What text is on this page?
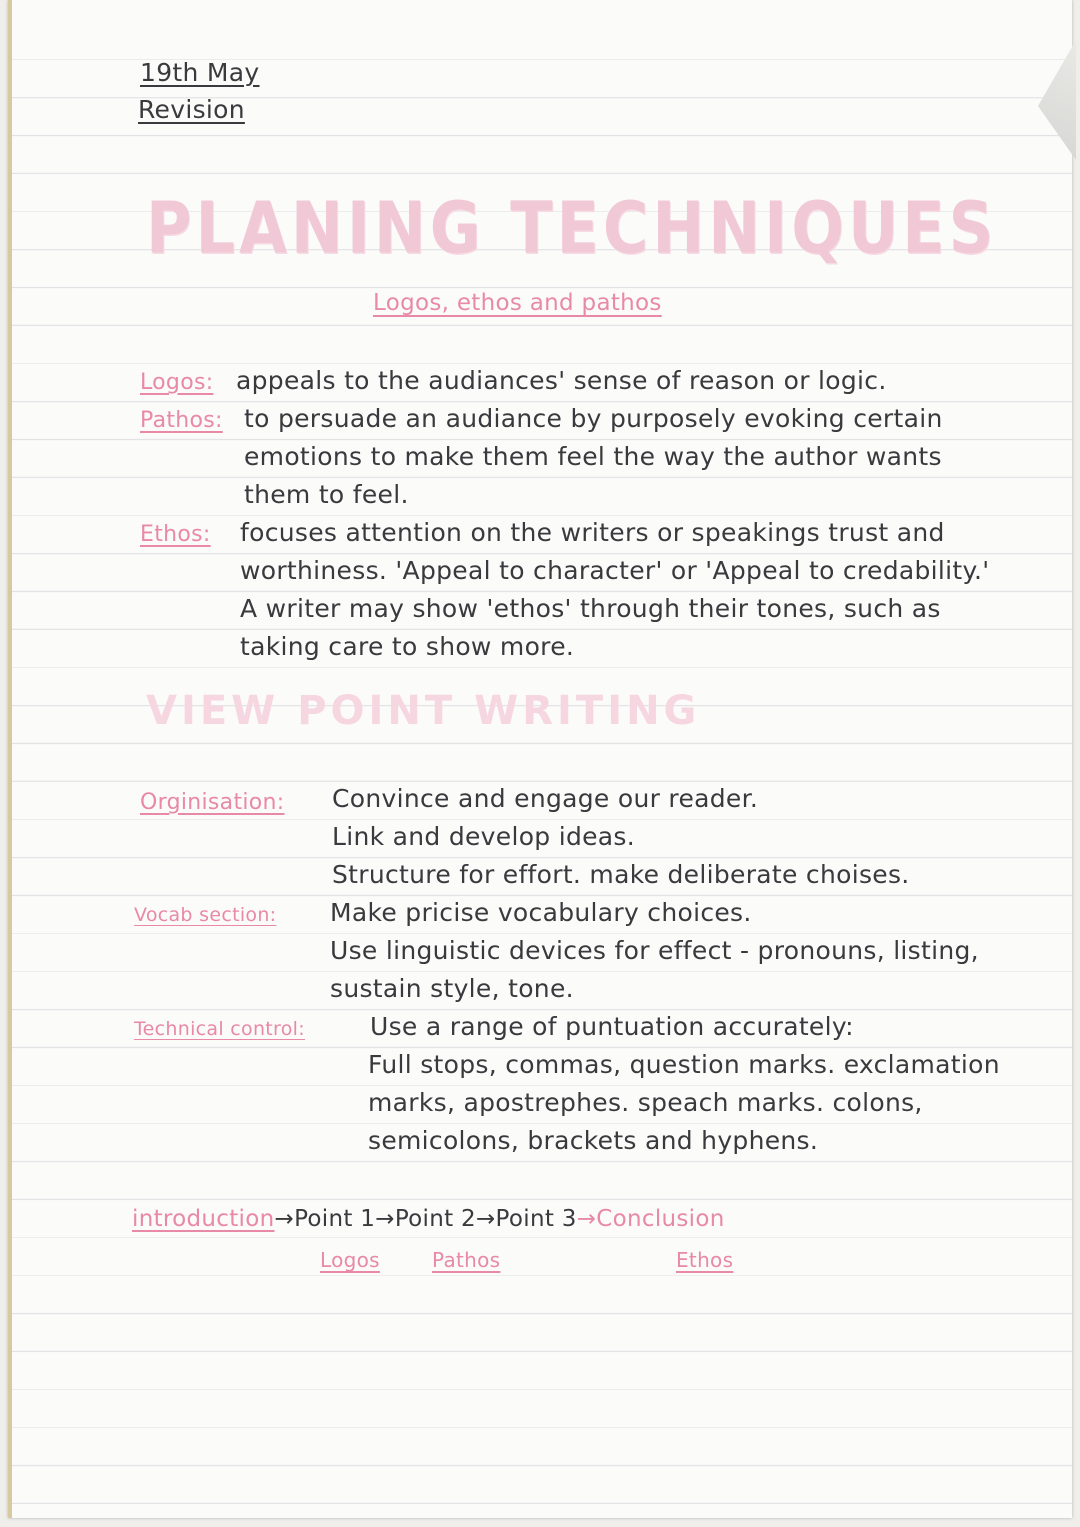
19th May
Revision
PLANING TECHNIQUES
Logos, ethos and pathos
Logos: appeals to the audiances' sense of reason or logic.
Pathos: to persuade an audiance by purposely evoking certain
emotions to make them feel the way the author wants
them to feel.
Ethos: focuses attention on the writers or speakings trust and
worthiness. 'Appeal to character' or 'Appeal to credability.'
A writer may show 'ethos' through their tones, such as
taking care to show more.
VIEW POINT WRITING
Orginisation: Convince and engage our reader.
Link and develop ideas.
Structure for effort. make deliberate choises.
Vocab section: Make pricise vocabulary choices.
Use linguistic devices for effect - pronouns, listing,
sustain style, tone.
Technical control:	Use a range of puntuation accurately:
Full stops, commas, question marks. exclamation
marks, apostrephes. speach marks. colons,
semicolons, brackets and hyphens.
introduction→Point 1→Point 2→Point 3→Conclusion
Logos	Pathos	Ethos
